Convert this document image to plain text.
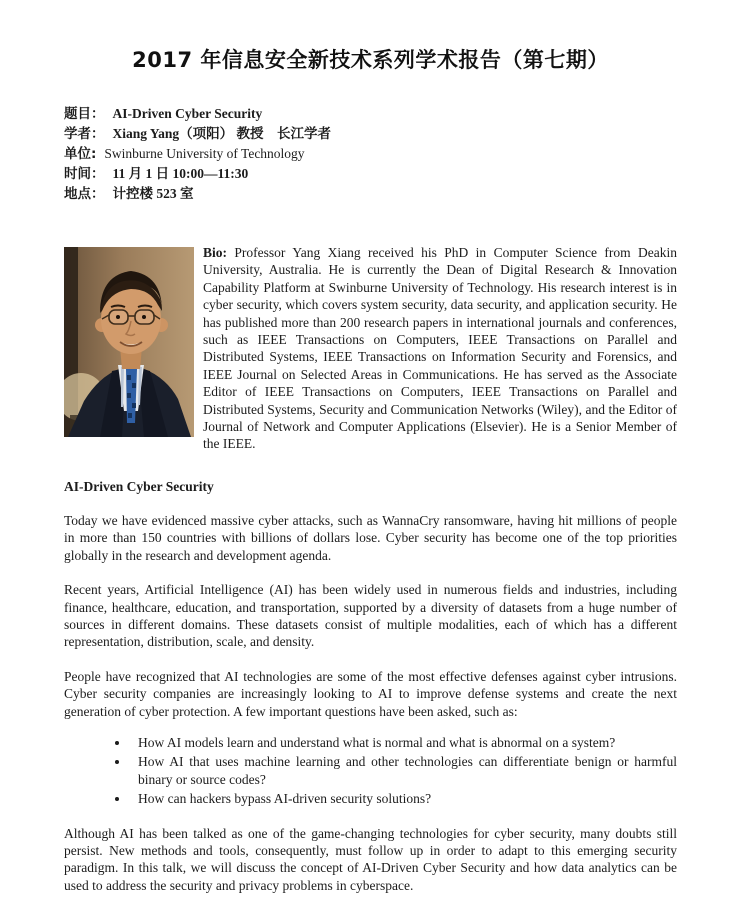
2017 年信息安全新技术系列学术报告（第七期）
题目： AI-Driven Cyber Security
学者： Xiang Yang（项阳） 教授　长江学者
单位: Swinburne University of Technology
时间： 11 月 1 日 10:00—11:30
地点： 计控楼 523 室

Bio: Professor Yang Xiang received his PhD in Computer Science from Deakin University, Australia. He is currently the Dean of Digital Research & Innovation Capability Platform at Swinburne University of Technology. His research interest is in cyber security, which covers system security, data security, and application security. He has published more than 200 research papers in international journals and conferences, such as IEEE Transactions on Computers, IEEE Transactions on Parallel and Distributed Systems, IEEE Transactions on Information Security and Forensics, and IEEE Journal on Selected Areas in Communications. He has served as the Associate Editor of IEEE Transactions on Computers, IEEE Transactions on Parallel and Distributed Systems, Security and Communication Networks (Wiley), and the Editor of Journal of Network and Computer Applications (Elsevier). He is a Senior Member of the IEEE.

AI-Driven Cyber Security

Today we have evidenced massive cyber attacks, such as WannaCry ransomware, having hit millions of people in more than 150 countries with billions of dollars lose. Cyber security has become one of the top priorities globally in the research and development agenda.

Recent years, Artificial Intelligence (AI) has been widely used in numerous fields and industries, including finance, healthcare, education, and transportation, supported by a diversity of datasets from a huge number of sources in different domains. These datasets consist of multiple modalities, each of which has a different representation, distribution, scale, and density.

People have recognized that AI technologies are some of the most effective defenses against cyber intrusions. Cyber security companies are increasingly looking to AI to improve defense systems and create the next generation of cyber protection. A few important questions have been asked, such as:

• How AI models learn and understand what is normal and what is abnormal on a system?
• How AI that uses machine learning and other technologies can differentiate benign or harmful binary or source codes?
• How can hackers bypass AI-driven security solutions?

Although AI has been talked as one of the game-changing technologies for cyber security, many doubts still persist. New methods and tools, consequently, must follow up in order to adapt to this emerging security paradigm. In this talk, we will discuss the concept of AI-Driven Cyber Security and how data analytics can be used to address the security and privacy problems in cyberspace.
